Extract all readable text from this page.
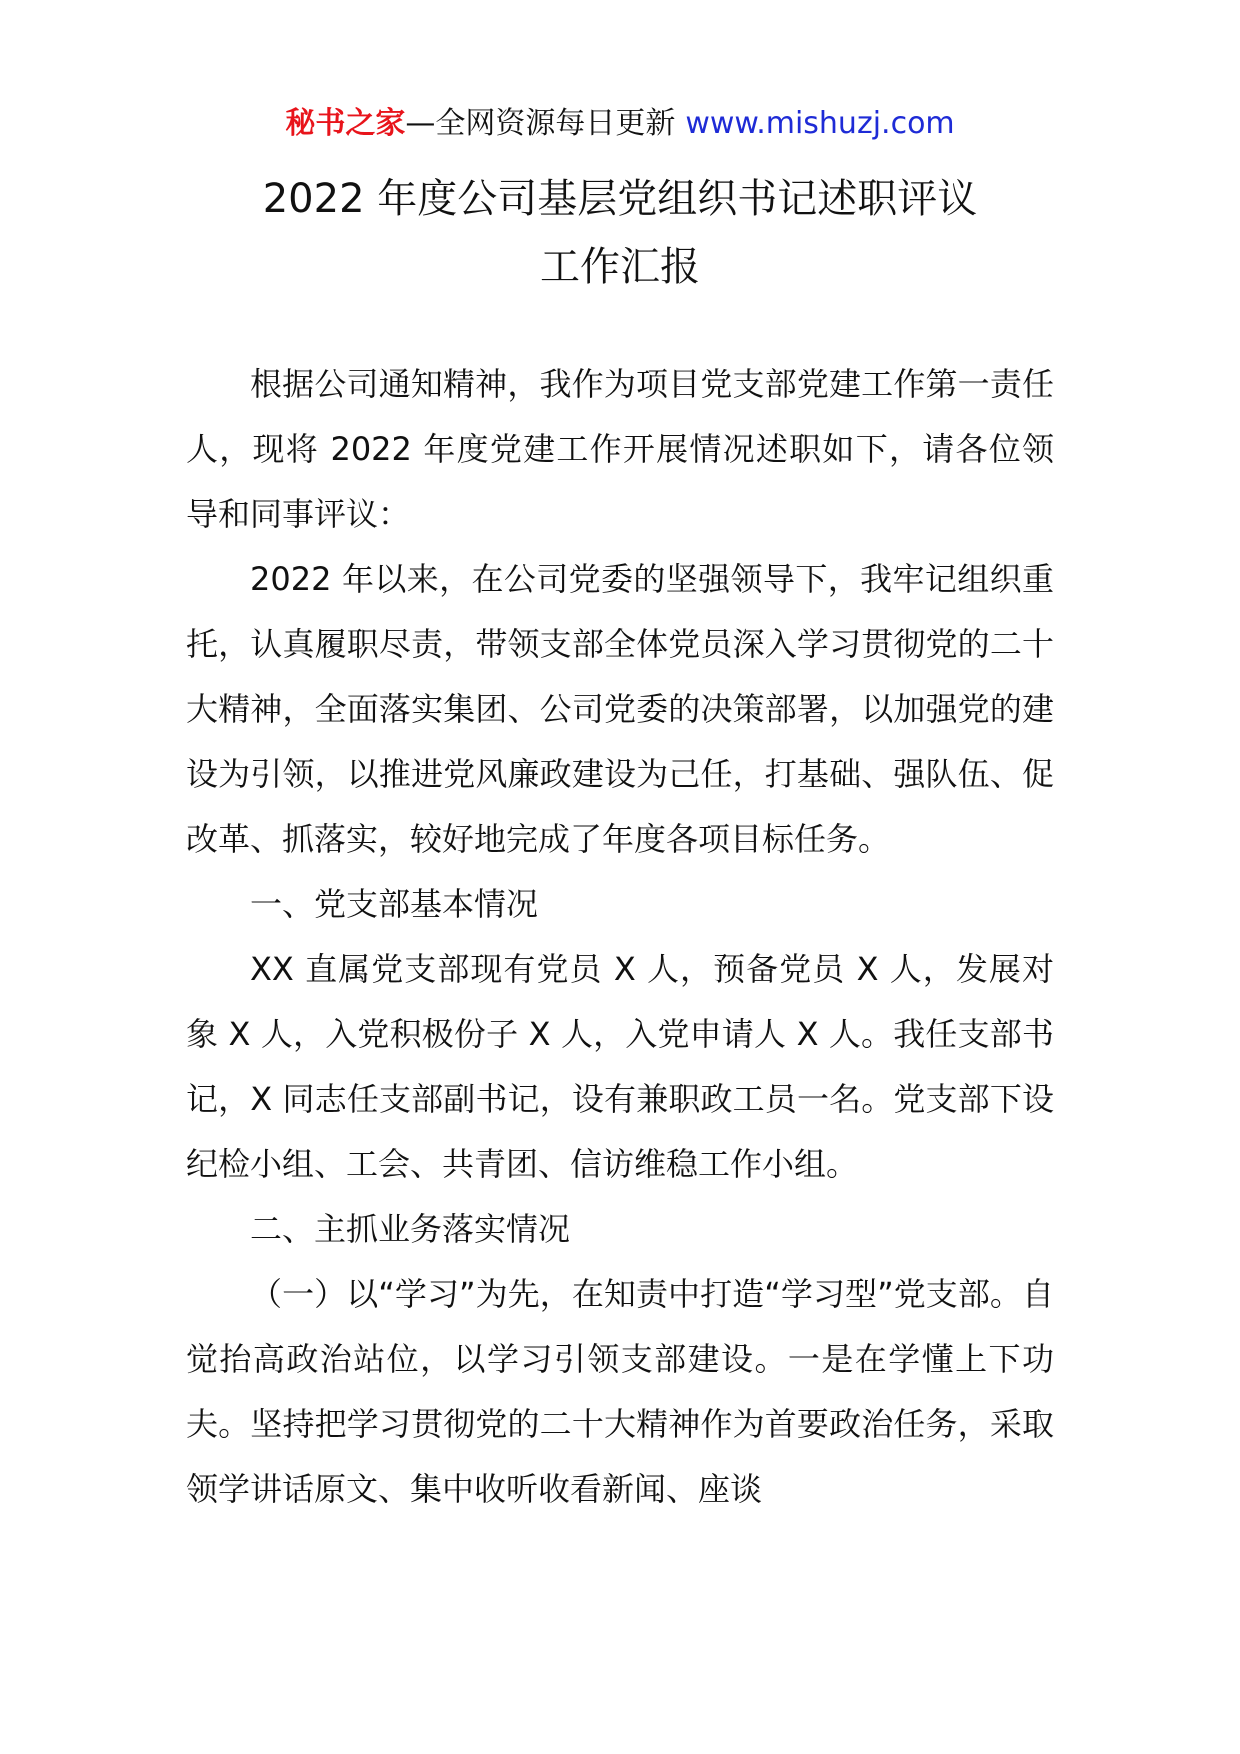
秘书之家—全网资源每日更新 www.mishuzj.com
2022 年度公司基层党组织书记述职评议
工作汇报

根据公司通知精神，我作为项目党支部党建工作第一责任人，现将 2022 年度党建工作开展情况述职如下，请各位领导和同事评议：

2022 年以来，在公司党委的坚强领导下，我牢记组织重托，认真履职尽责，带领支部全体党员深入学习贯彻党的二十大精神，全面落实集团、公司党委的决策部署，以加强党的建设为引领，以推进党风廉政建设为己任，打基础、强队伍、促改革、抓落实，较好地完成了年度各项目标任务。

一、党支部基本情况

XX 直属党支部现有党员 X 人，预备党员 X 人，发展对象 X 人，入党积极份子 X 人，入党申请人 X 人。我任支部书记，X 同志任支部副书记，设有兼职政工员一名。党支部下设纪检小组、工会、共青团、信访维稳工作小组。

二、主抓业务落实情况

（一）以“学习”为先，在知责中打造“学习型”党支部。自觉抬高政治站位，以学习引领支部建设。一是在学懂上下功夫。坚持把学习贯彻党的二十大精神作为首要政治任务，采取领学讲话原文、集中收听收看新闻、座谈
